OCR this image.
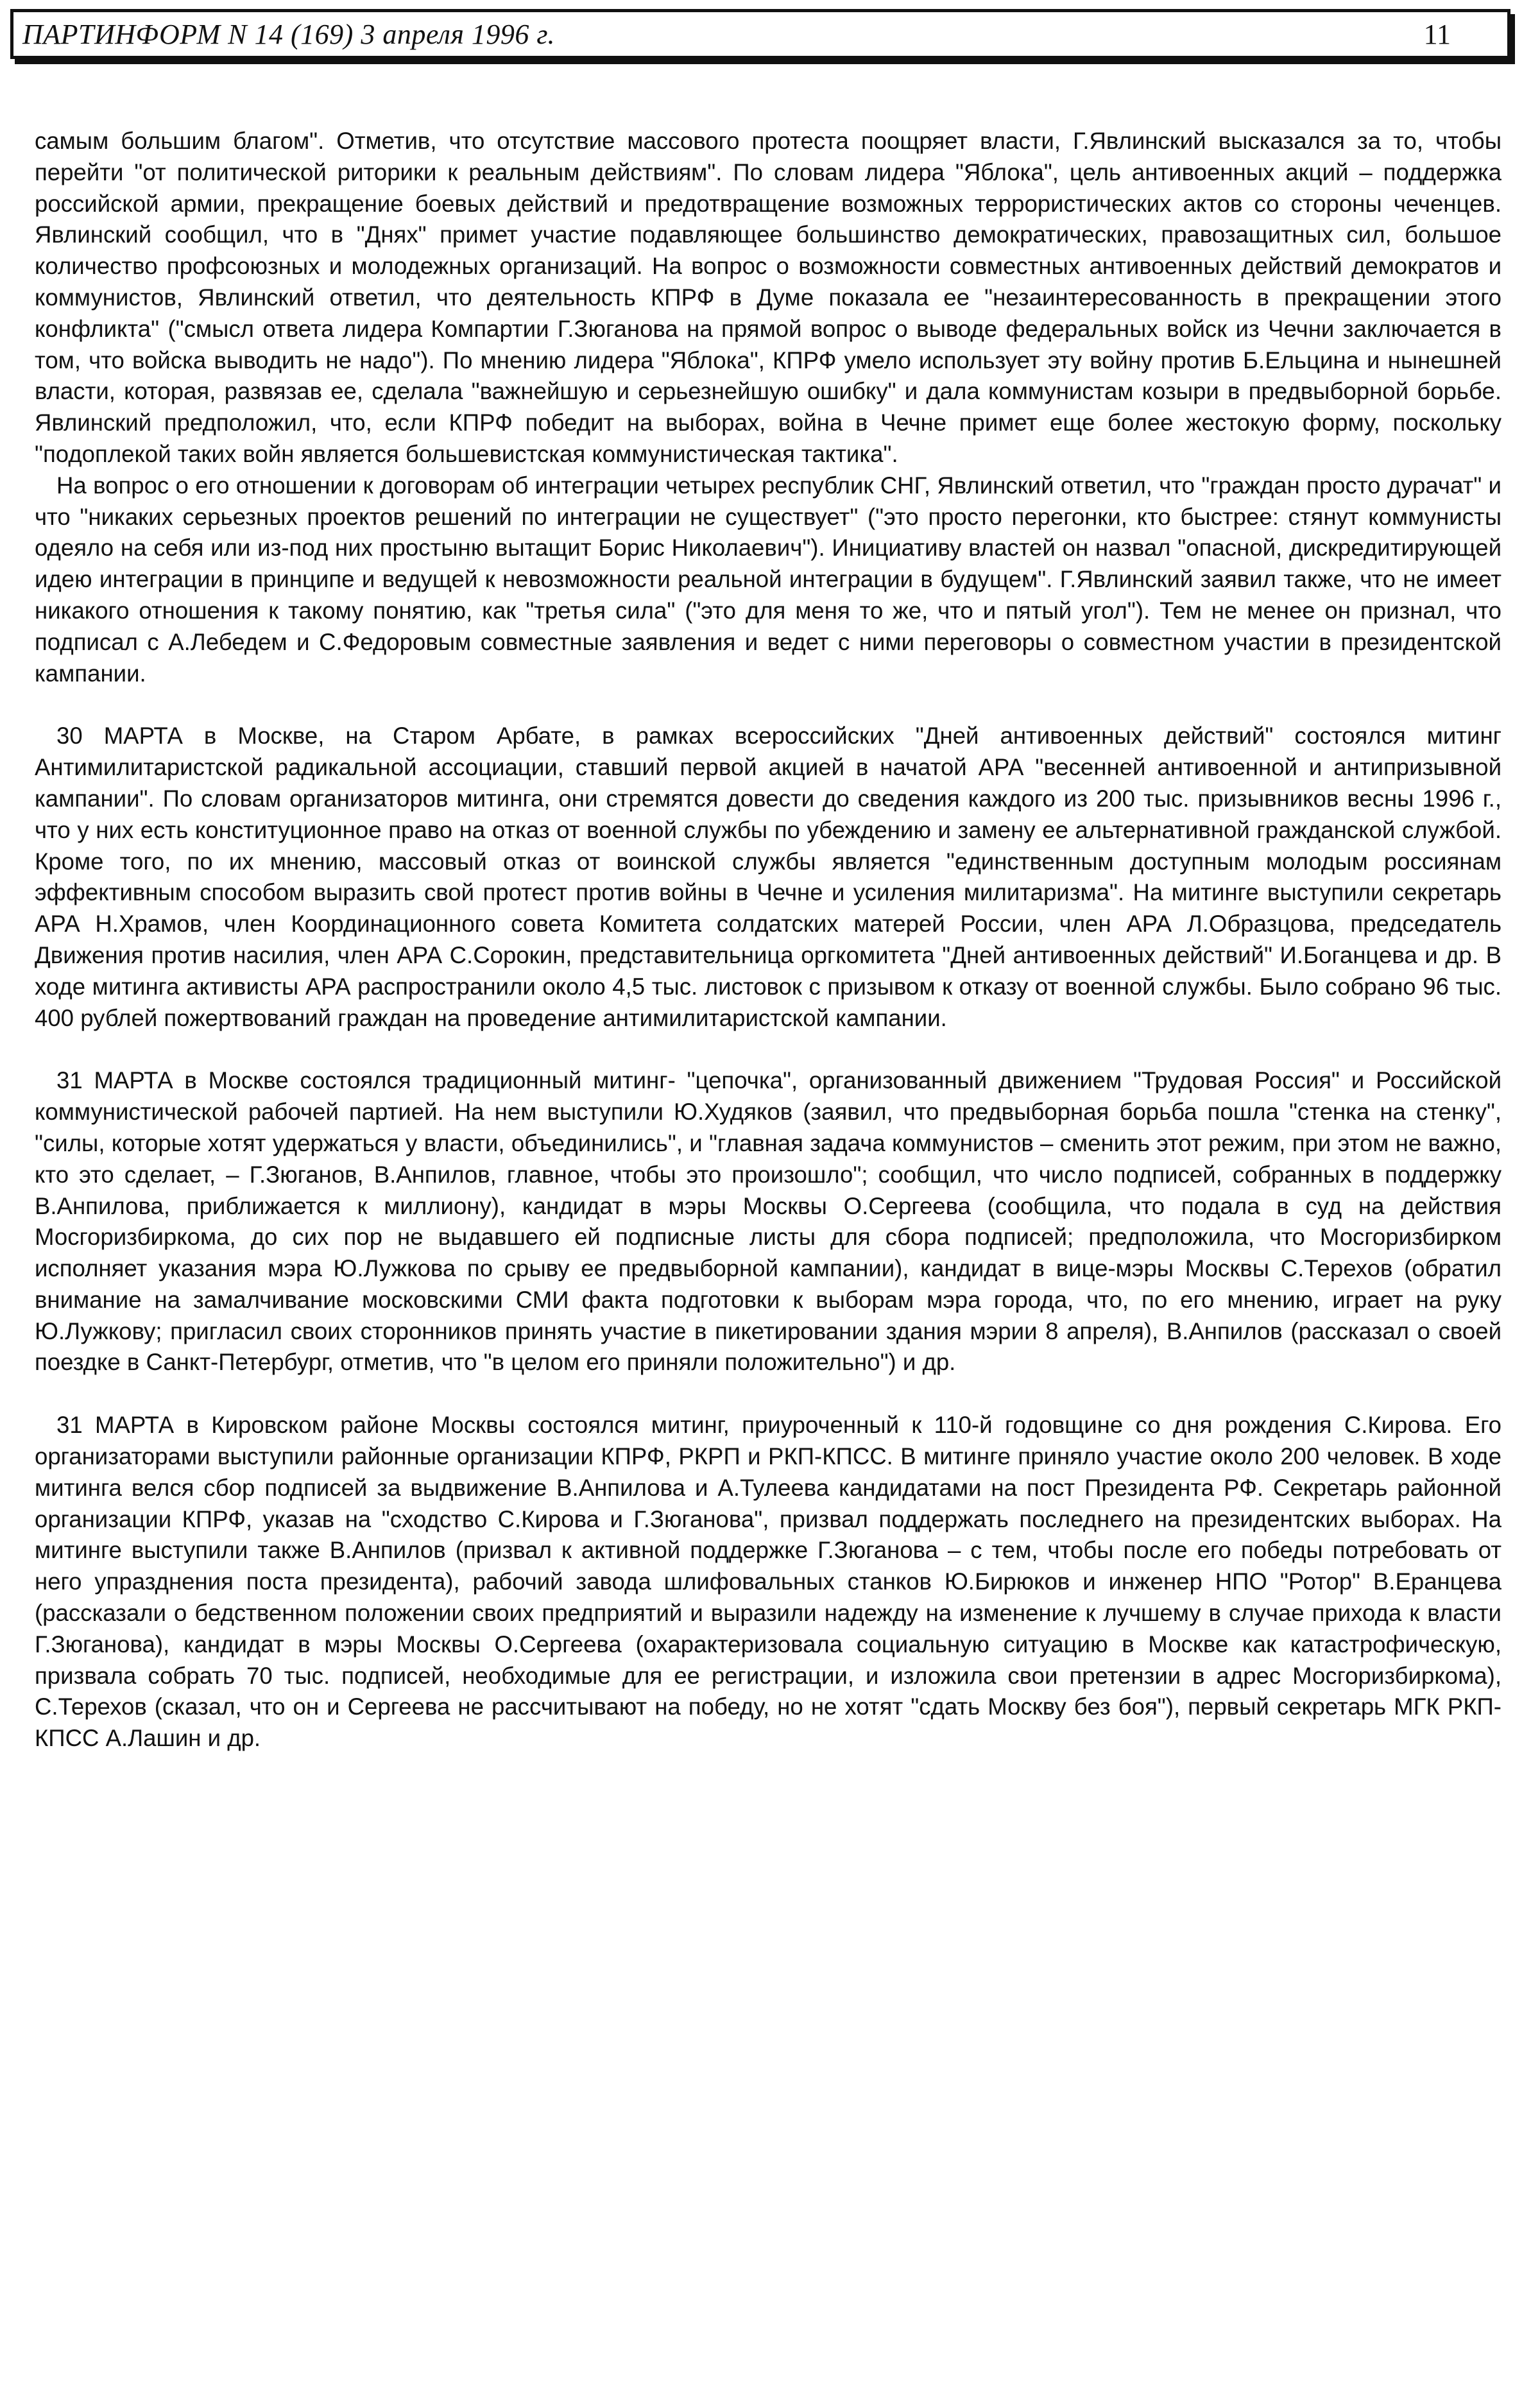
ПАРТИНФОРМ N 14 (169) 3 апреля 1996 г.	11

самым большим благом". Отметив, что отсутствие массового протеста поощряет власти, Г.Явлинский высказался за то, чтобы перейти "от политической риторики к реальным действиям". По словам лидера "Яблока", цель антивоенных акций – поддержка российской армии, прекращение боевых действий и предотвращение возможных террористических актов со стороны чеченцев. Явлинский сообщил, что в "Днях" примет участие подавляющее большинство демократических, правозащитных сил, большое количество профсоюзных и молодежных организаций. На вопрос о возможности совместных антивоенных действий демократов и коммунистов, Явлинский ответил, что деятельность КПРФ в Думе показала ее "незаинтересованность в прекращении этого конфликта" ("смысл ответа лидера Компартии Г.Зюганова на прямой вопрос о выводе федеральных войск из Чечни заключается в том, что войска выводить не надо"). По мнению лидера "Яблока", КПРФ умело использует эту войну против Б.Ельцина и нынешней власти, которая, развязав ее, сделала "важнейшую и серьезнейшую ошибку" и дала коммунистам козыри в предвыборной борьбе. Явлинский предположил, что, если КПРФ победит на выборах, война в Чечне примет еще более жестокую форму, поскольку "подоплекой таких войн является большевистская коммунистическая тактика".

На вопрос о его отношении к договорам об интеграции четырех республик СНГ, Явлинский ответил, что "граждан просто дурачат" и что "никаких серьезных проектов решений по интеграции не существует" ("это просто перегонки, кто быстрее: стянут коммунисты одеяло на себя или из-под них простыню вытащит Борис Николаевич"). Инициативу властей он назвал "опасной, дискредитирующей идею интеграции в принципе и ведущей к невозможности реальной интеграции в будущем". Г.Явлинский заявил также, что не имеет никакого отношения к такому понятию, как "третья сила" ("это для меня то же, что и пятый угол"). Тем не менее он признал, что подписал с А.Лебедем и С.Федоровым совместные заявления и ведет с ними переговоры о совместном участии в президентской кампании.

30 МАРТА в Москве, на Старом Арбате, в рамках всероссийских "Дней антивоенных действий" состоялся митинг Антимилитаристской радикальной ассоциации, ставший первой акцией в начатой АРА "весенней антивоенной и антипризывной кампании". По словам организаторов митинга, они стремятся довести до сведения каждого из 200 тыс. призывников весны 1996 г., что у них есть конституционное право на отказ от военной службы по убеждению и замену ее альтернативной гражданской службой. Кроме того, по их мнению, массовый отказ от воинской службы является "единственным доступным молодым россиянам эффективным способом выразить свой протест против войны в Чечне и усиления милитаризма". На митинге выступили секретарь АРА Н.Храмов, член Координационного совета Комитета солдатских матерей России, член АРА Л.Образцова, председатель Движения против насилия, член АРА С.Сорокин, представительница оргкомитета "Дней антивоенных действий" И.Боганцева и др. В ходе митинга активисты АРА распространили около 4,5 тыс. листовок с призывом к отказу от военной службы. Было собрано 96 тыс. 400 рублей пожертвований граждан на проведение антимилитаристской кампании.

31 МАРТА в Москве состоялся традиционный митинг- "цепочка", организованный движением "Трудовая Россия" и Российской коммунистической рабочей партией. На нем выступили Ю.Худяков (заявил, что предвыборная борьба пошла "стенка на стенку", "силы, которые хотят удержаться у власти, объединились", и "главная задача коммунистов – сменить этот режим, при этом не важно, кто это сделает, – Г.Зюганов, В.Анпилов, главное, чтобы это произошло"; сообщил, что число подписей, собранных в поддержку В.Анпилова, приближается к миллиону), кандидат в мэры Москвы О.Сергеева (сообщила, что подала в суд на действия Мосгоризбиркома, до сих пор не выдавшего ей подписные листы для сбора подписей; предположила, что Мосгоризбирком исполняет указания мэра Ю.Лужкова по срыву ее предвыборной кампании), кандидат в вице-мэры Москвы С.Терехов (обратил внимание на замалчивание московскими СМИ факта подготовки к выборам мэра города, что, по его мнению, играет на руку Ю.Лужкову; пригласил своих сторонников принять участие в пикетировании здания мэрии 8 апреля), В.Анпилов (рассказал о своей поездке в Санкт-Петербург, отметив, что "в целом его приняли положительно") и др.

31 МАРТА в Кировском районе Москвы состоялся митинг, приуроченный к 110-й годовщине со дня рождения С.Кирова. Его организаторами выступили районные организации КПРФ, РКРП и РКП-КПСС. В митинге приняло участие около 200 человек. В ходе митинга велся сбор подписей за выдвижение В.Анпилова и А.Тулеева кандидатами на пост Президента РФ. Секретарь районной организации КПРФ, указав на "сходство С.Кирова и Г.Зюганова", призвал поддержать последнего на президентских выборах. На митинге выступили также В.Анпилов (призвал к активной поддержке Г.Зюганова – с тем, чтобы после его победы потребовать от него упразднения поста президента), рабочий завода шлифовальных станков Ю.Бирюков и инженер НПО "Ротор" В.Еранцева (рассказали о бедственном положении своих предприятий и выразили надежду на изменение к лучшему в случае прихода к власти Г.Зюганова), кандидат в мэры Москвы О.Сергеева (охарактеризовала социальную ситуацию в Москве как катастрофическую, призвала собрать 70 тыс. подписей, необходимые для ее регистрации, и изложила свои претензии в адрес Мосгоризбиркома), С.Терехов (сказал, что он и Сергеева не рассчитывают на победу, но не хотят "сдать Москву без боя"), первый секретарь МГК РКП-КПСС А.Лашин и др.
